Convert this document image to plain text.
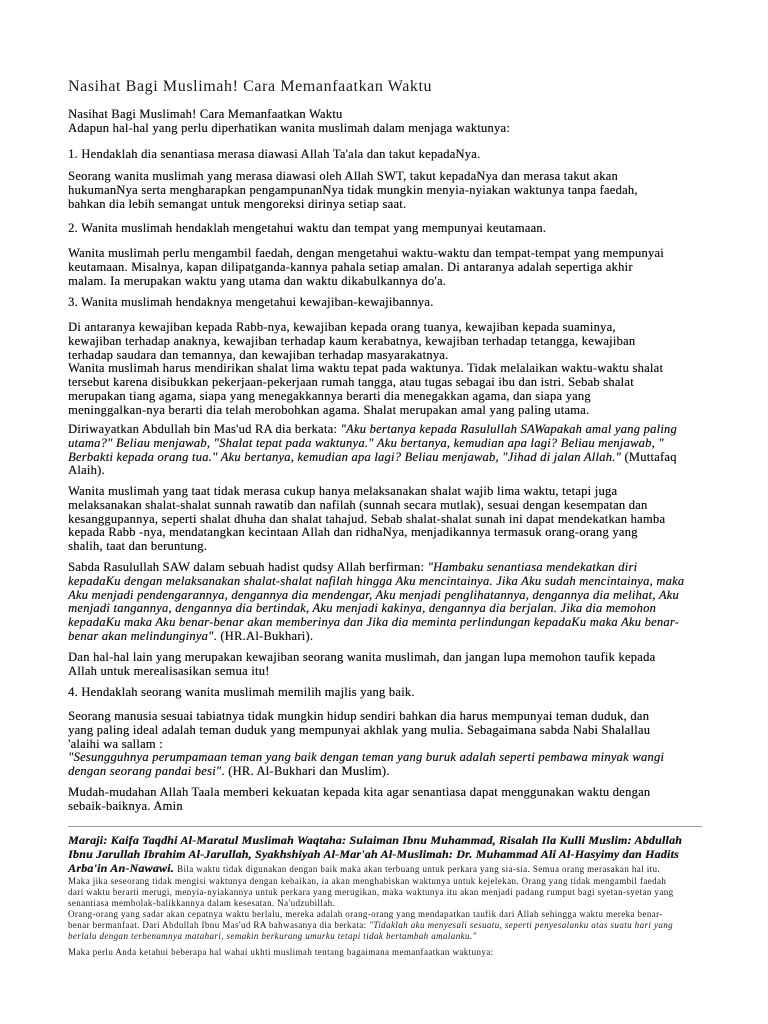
Nasihat Bagi Muslimah! Cara Memanfaatkan Waktu
Nasihat Bagi Muslimah! Cara Memanfaatkan Waktu
Adapun hal-hal yang perlu diperhatikan wanita muslimah dalam menjaga waktunya:
1. Hendaklah dia senantiasa merasa diawasi Allah Ta'ala dan takut kepadaNya.
Seorang wanita muslimah yang merasa diawasi oleh Allah SWT, takut kepadaNya dan merasa takut akan
hukumanNya serta mengharapkan pengampunanNya tidak mungkin menyia-nyiakan waktunya tanpa faedah,
bahkan dia lebih semangat untuk mengoreksi dirinya setiap saat.
2. Wanita muslimah hendaklah mengetahui waktu dan tempat yang mempunyai keutamaan.
Wanita muslimah perlu mengambil faedah, dengan mengetahui waktu-waktu dan tempat-tempat yang mempunyai
keutamaan. Misalnya, kapan dilipatganda-kannya pahala setiap amalan. Di antaranya adalah sepertiga akhir
malam. Ia merupakan waktu yang utama dan waktu dikabulkannya do'a.
3. Wanita muslimah hendaknya mengetahui kewajiban-kewajibannya.
Di antaranya kewajiban kepada Rabb-nya, kewajiban kepada orang tuanya, kewajiban kepada suaminya,
kewajiban terhadap anaknya, kewajiban terhadap kaum kerabatnya, kewajiban terhadap tetangga, kewajiban
terhadap saudara dan temannya, dan kewajiban terhadap masyarakatnya.
Wanita muslimah harus mendirikan shalat lima waktu tepat pada waktunya. Tidak melalaikan waktu-waktu shalat
tersebut karena disibukkan pekerjaan-pekerjaan rumah tangga, atau tugas sebagai ibu dan istri. Sebab shalat
merupakan tiang agama, siapa yang menegakkannya berarti dia menegakkan agama, dan siapa yang
meninggalkan-nya berarti dia telah merobohkan agama. Shalat merupakan amal yang paling utama.
Diriwayatkan Abdullah bin Mas'ud RA dia berkata: "Aku bertanya kepada Rasulullah SAWapakah amal yang paling
utama?" Beliau menjawab, "Shalat tepat pada waktunya." Aku bertanya, kemudian apa lagi? Beliau menjawab, "
Berbakti kepada orang tua." Aku bertanya, kemudian apa lagi? Beliau menjawab, "Jihad di jalan Allah." (Muttafaq
Alaih).
Wanita muslimah yang taat tidak merasa cukup hanya melaksanakan shalat wajib lima waktu, tetapi juga
melaksanakan shalat-shalat sunnah rawatib dan nafilah (sunnah secara mutlak), sesuai dengan kesempatan dan
kesanggupannya, seperti shalat dhuha dan shalat tahajud. Sebab shalat-shalat sunah ini dapat mendekatkan hamba
kepada Rabb -nya, mendatangkan kecintaan Allah dan ridhaNya, menjadikannya termasuk orang-orang yang
shalih, taat dan beruntung.
Sabda Rasulullah SAW dalam sebuah hadist qudsy Allah berfirman: "Hambaku senantiasa mendekatkan diri
kepadaKu dengan melaksanakan shalat-shalat nafilah hingga Aku mencintainya. Jika Aku sudah mencintainya, maka
Aku menjadi pendengarannya, dengannya dia mendengar, Aku menjadi penglihatannya, dengannya dia melihat, Aku
menjadi tangannya, dengannya dia bertindak, Aku menjadi kakinya, dengannya dia berjalan. Jika dia memohon
kepadaKu maka Aku benar-benar akan memberinya dan Jika dia meminta perlindungan kepadaKu maka Aku benar-
benar akan melindunginya". (HR.Al-Bukhari).
Dan hal-hal lain yang merupakan kewajiban seorang wanita muslimah, dan jangan lupa memohon taufik kepada
Allah untuk merealisasikan semua itu!
4. Hendaklah seorang wanita muslimah memilih majlis yang baik.
Seorang manusia sesuai tabiatnya tidak mungkin hidup sendiri bahkan dia harus mempunyai teman duduk, dan
yang paling ideal adalah teman duduk yang mempunyai akhlak yang mulia. Sebagaimana sabda Nabi Shalallau
'alaihi wa sallam :
"Sesungguhnya perumpamaan teman yang baik dengan teman yang buruk adalah seperti pembawa minyak wangi
dengan seorang pandai besi". (HR. Al-Bukhari dan Muslim).
Mudah-mudahan Allah Taala memberi kekuatan kepada kita agar senantiasa dapat menggunakan waktu dengan
sebaik-baiknya. Amin
Maraji: Kaifa Taqdhi Al-Maratul Muslimah Waqtaha: Sulaiman Ibnu Muhammad, Risalah Ila Kulli Muslim: Abdullah
Ibnu Jarullah Ibrahim Al-Jarullah, Syakhshiyah Al-Mar'ah Al-Muslimah: Dr. Muhammad Ali Al-Hasyimy dan Hadits
Arba'in An-Nawawi. Bila waktu tidak digunakan dengan baik maka akan terbuang untuk perkara yang sia-sia. Semua orang merasakan hal itu.
Maka jika seseorang tidak mengisi waktunya dengan kebaikan, ia akan menghabiskan waktunya untuk kejelekan. Orang yang tidak mengambil faedah
dari waktu berarti merugi, menyia-nyiakannya untuk perkara yang merugikan, maka waktunya itu akan menjadi padang rumput bagi syetan-syetan yang
senantiasa membolak-balikkannya dalam kesesatan. Na'udzubillah.
Orang-orang yang sadar akan cepatnya waktu berlalu, mereka adalah orang-orang yang mendapatkan taufik dari Allah sehingga waktu mereka benar-
benar bermanfaat. Dari Abdullah Ibnu Mas'ud RA bahwasanya dia berkata: "Tidaklah aku menyesali sesuatu, seperti penyesalanku atas suatu hari yang
berlalu dengan terbenamnya matahari, semakin berkurang umurku tetapi tidak bertambah amalanku."
Maka perlu Anda ketahui beberapa hal wahai ukhti muslimah tentang bagaimana memanfaatkan waktunya:
